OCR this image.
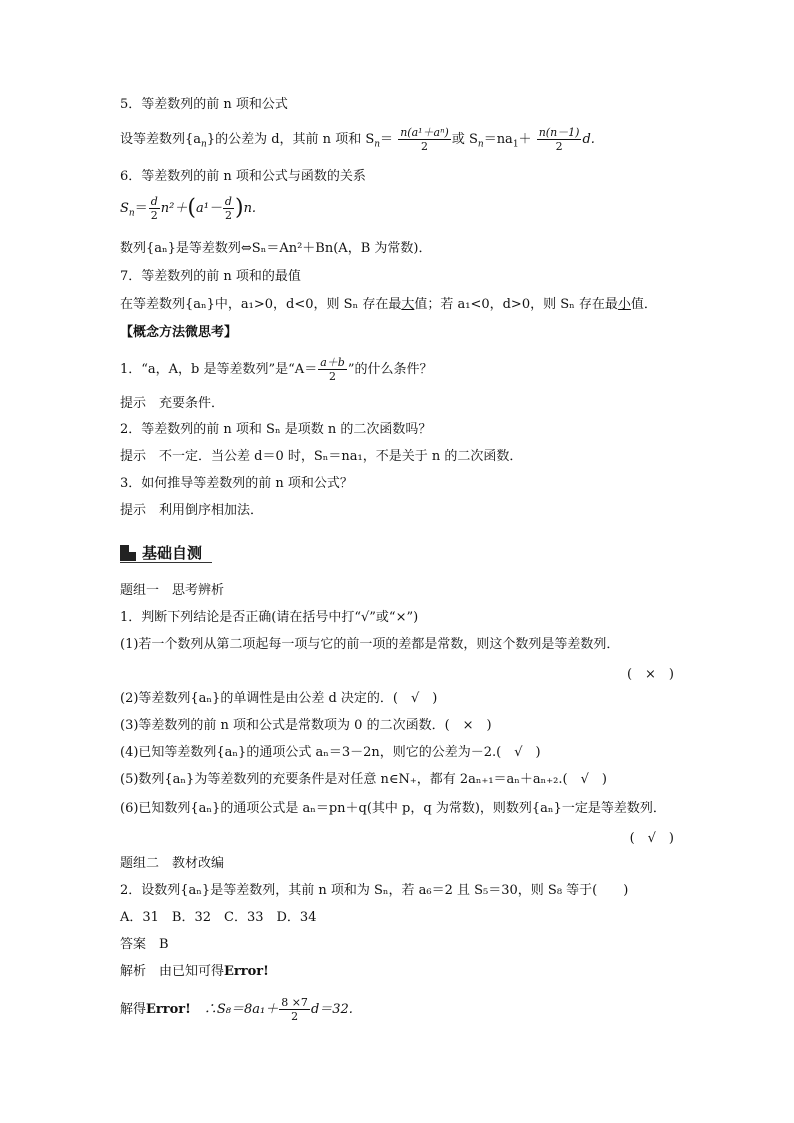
5．等差数列的前 n 项和公式
设等差数列$\{a_n\}$的公差为 d，其前 n 项和 $S_n= \frac{\text{n(a¹＋aⁿ)}}{2}$ 或 $S_n=na_1+ \frac{n(n-1)}{2} d$.
6．等差数列的前 n 项和公式与函数的关系
$S_n= \frac{d}{2} n^2+(a^1- \frac{d}{2} )n$.
数列{aₙ}是等差数列⇔Sₙ＝An²＋Bn(A，B 为常数)．
7．等差数列的前 n 项和的最值
在等差数列{aₙ}中，a₁>0，d<0，则 Sₙ 存在最大值；若 a₁<0，d>0，则 Sₙ 存在最小值．
【概念方法微思考】
1．“a，A，b 是等差数列”是“$A= \frac{a+b}{2}$ ”的什么条件？
提示　充要条件．
2．等差数列的前 n 项和 Sₙ 是项数 n 的二次函数吗？
提示　不一定．当公差 d＝0 时，Sₙ＝na₁，不是关于 n 的二次函数．
3．如何推导等差数列的前 n 项和公式？
提示　利用倒序相加法．
基础自测
题组一　思考辨析
1．判断下列结论是否正确(请在括号中打“√”或“×”)
(1)若一个数列从第二项起每一项与它的前一项的差都是常数，则这个数列是等差数列．
(　×　)
(2)等差数列{aₙ}的单调性是由公差 d 决定的．(　√　)
(3)等差数列的前 n 项和公式是常数项为 0 的二次函数．(　×　)
(4)已知等差数列{aₙ}的通项公式 aₙ＝3－2n，则它的公差为－2.(　√　)
(5)数列{aₙ}为等差数列的充要条件是对任意 n∈N₊，都有 2aₙ₊₁＝aₙ＋aₙ₊₂.(　√　)
(6)已知数列{aₙ}的通项公式是 aₙ＝pn＋q(其中 p，q 为常数)，则数列{aₙ}一定是等差数列．
(　√　)
题组二　教材改编
2．设数列{aₙ}是等差数列，其前 n 项和为 Sₙ，若 a₆＝2 且 S₅＝30，则 S₈ 等于(　　)
A．31　B．32　C．33　D．34
答案　B
解析　由已知可得Error!
解得Error!　∴S₈＝8a₁＋ $\frac{8 \times 7}{2} d=32$.
